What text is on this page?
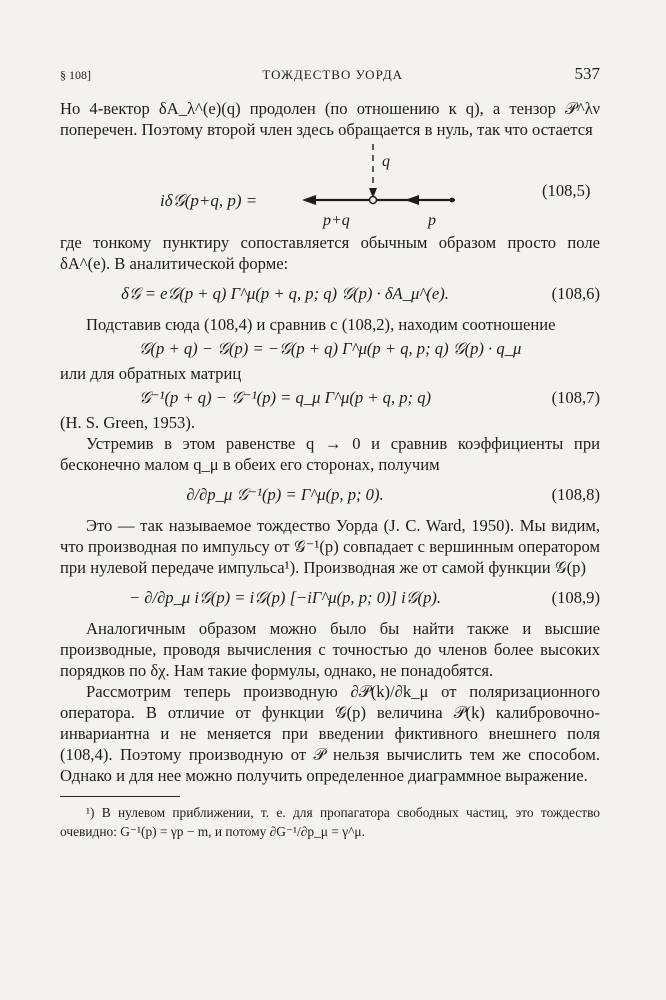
§ 108]	ТОЖДЕСТВО УОРДА	537

Но 4-вектор δA_λ^(e)(q) продолен (по отношению к q), а тензор 𝒫^λν поперечен. Поэтому второй член здесь обращается в нуль, так что остается

iδ𝒢(p+q, p) =
q
p+q	p
(108,5)

где тонкому пунктиру сопоставляется обычным образом просто поле δA^(e). В аналитической форме:

δ𝒢 = e𝒢(p + q) Γ^μ(p + q, p; q) 𝒢(p) · δA_μ^(e).	(108,6)

Подставив сюда (108,4) и сравнив с (108,2), находим соотношение

𝒢(p + q) − 𝒢(p) = −𝒢(p + q) Γ^μ(p + q, p; q) 𝒢(p) · q_μ

или для обратных матриц

𝒢⁻¹(p + q) − 𝒢⁻¹(p) = q_μ Γ^μ(p + q, p; q)	(108,7)

(H. S. Green, 1953).

Устремив в этом равенстве q → 0 и сравнив коэффициенты при бесконечно малом q_μ в обеих его сторонах, получим

∂/∂p_μ 𝒢⁻¹(p) = Γ^μ(p, p; 0).	(108,8)

Это — так называемое тождество Уорда (J. C. Ward, 1950). Мы видим, что производная по импульсу от 𝒢⁻¹(p) совпадает с вершинным оператором при нулевой передаче импульса¹). Производная же от самой функции 𝒢(p)

− ∂/∂p_μ i𝒢(p) = i𝒢(p) [−iΓ^μ(p, p; 0)] i𝒢(p).	(108,9)

Аналогичным образом можно было бы найти также и высшие производные, проводя вычисления с точностью до членов более высоких порядков по δχ. Нам такие формулы, однако, не понадобятся.

Рассмотрим теперь производную ∂𝒫(k)/∂k_μ от поляризационного оператора. В отличие от функции 𝒢(p) величина 𝒫(k) калибровочно-инвариантна и не меняется при введении фиктивного внешнего поля (108,4). Поэтому производную от 𝒫 нельзя вычислить тем же способом. Однако и для нее можно получить определенное диаграммное выражение.

¹) В нулевом приближении, т. е. для пропагатора свободных частиц, это тождество очевидно: G⁻¹(p) = γp − m, и потому ∂G⁻¹/∂p_μ = γ^μ.
